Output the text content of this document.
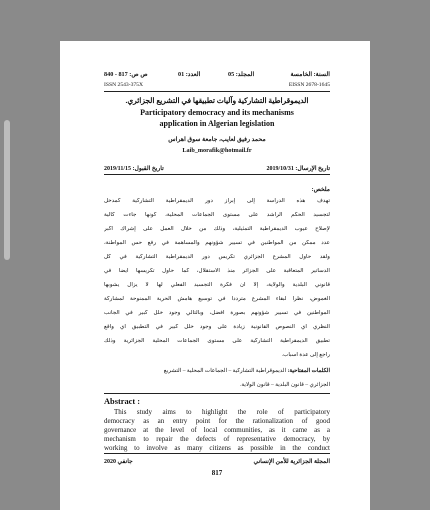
ص ص: 817 - 840	العدد: 01	المجلد: 05	السنة: الخامسة
ISSN 2543-375X	EISSN 2678-1645
الديموقراطية التشاركية وآليات تطبيقها في التشريع الجزائري.
Participatory democracy and its mechanisms
application in Algerian legislation
محمد رفيق لعايب، جامعة سوق اهراس
Laib_morafik@hotmail.fr
تاريخ الإرسال: 2019/10/31
تاريخ القبول: 2019/11/15
ملخص:
تهدف هذه الدراسة إلى إبراز دور الديمقراطية التشاركية كمدخل
لتجسيد الحكم الراشد على مستوى الجماعات المحلية، كونها جاءت كآلية
لإصلاح عيوب الديمقراطية التمثيلية، وذلك من خلال العمل على إشراك أكبر
عدد ممكن من المواطنين في تسيير شؤونهم والمساهمة في رفع حس المواطنة،
ولقد حاول المشرع الجزائري تكريس دور الديمقراطية التشاركية في كل
الدساتير المتعاقبة على الجزائر منذ الاستقلال، كما حاول تكريسها أيضا في
قانوني البلدية والولاية، إلا أن فكرة التجسيد الفعلي لها لا يزال يشوبها
الغموض، نظرا لبقاء المشرع مترددا في توسيع هامش الحرية الممنوحة لمشاركة
المواطنين في تسيير شؤونهم بصورة أفضل، وبالتالي وجود خلل كبير في الجانب
النظري أي النصوص القانونية زيادة على وجود خلل كبير في التطبيق أي واقع
تطبيق الديمقراطية التشاركية على مستوى الجماعات المحلية الجزائرية وذلك
راجع إلى عدة أسباب.
الكلمات المفتاحية: الديموقراطية التشاركية – الجماعات المحلية – التشريع
الجزائري – قانون البلدية – قانون الولاية.
Abstract :
This study aims to highlight the role of participatory
democracy as an entry point for the rationalization of good
governance at the level of local communities, as it came as a
mechanism to repair the defects of representative democracy, by
working to involve as many citizens as possible in the conduct
المجلة الجزائرية للأمن الإنساني
جانفي 2020
817
